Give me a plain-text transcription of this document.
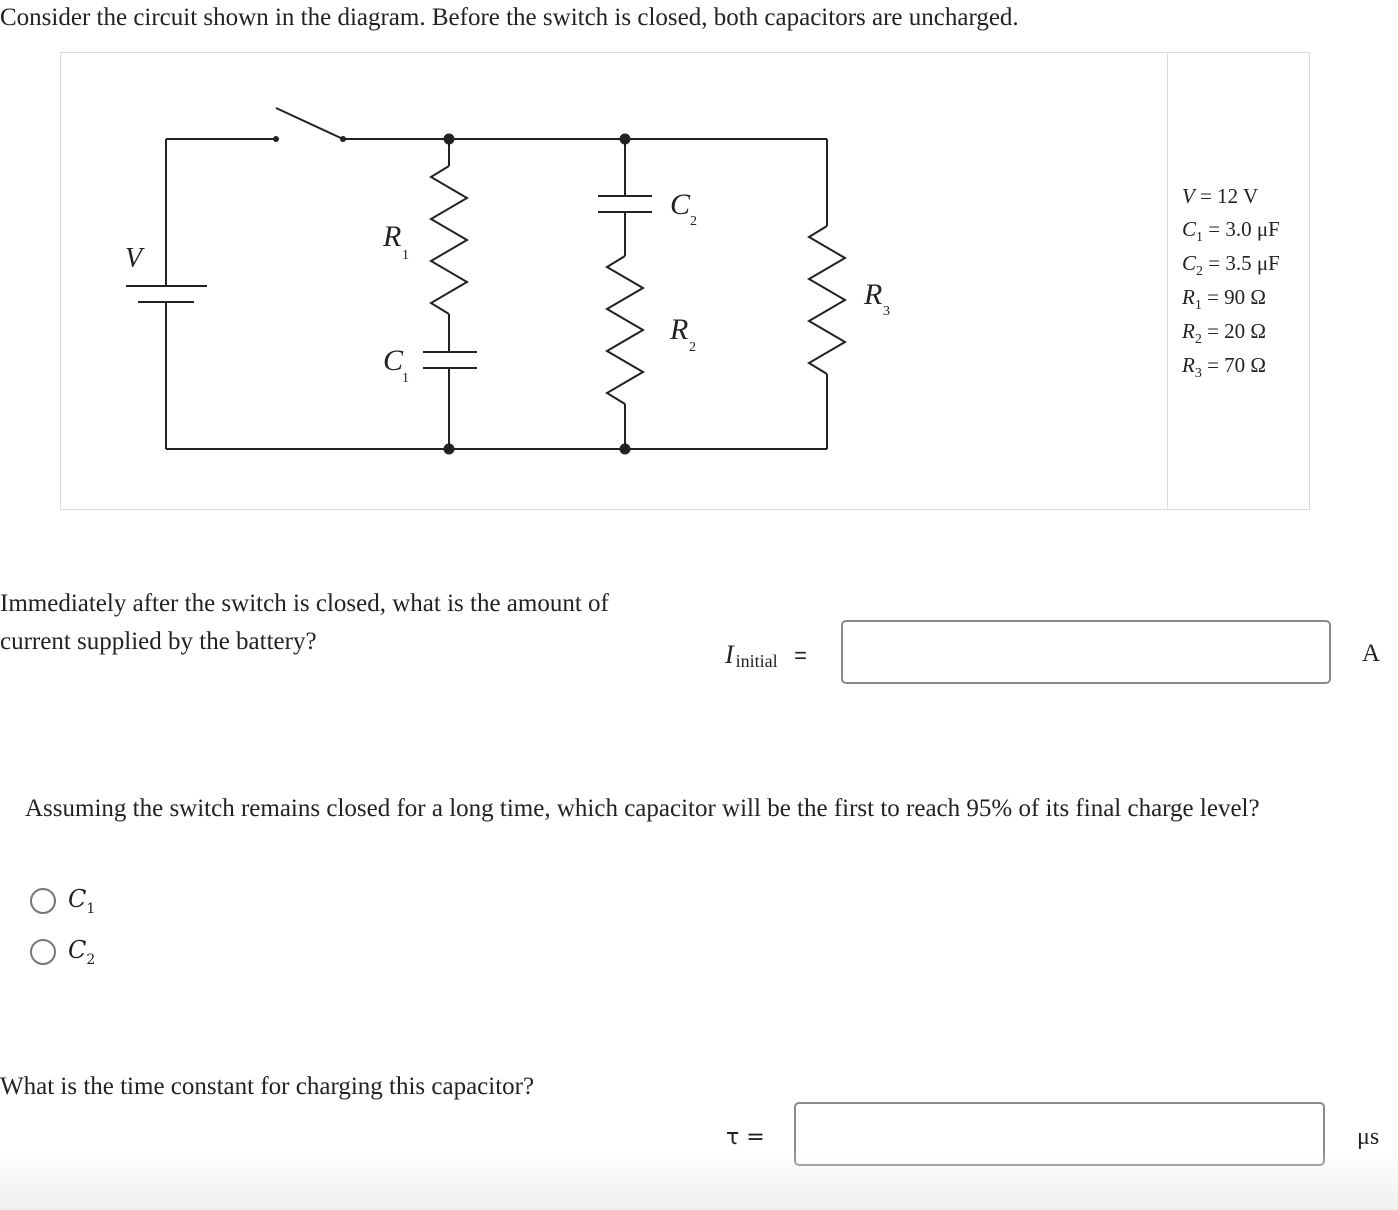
Consider the circuit shown in the diagram. Before the switch is closed, both capacitors are uncharged.
V
R
1
C
1
C
2
R
2
R
3
V = 12 V
$C_1 = 3.0$ μF
$C_2 = 3.5$ μF
$R_1 = 90$ Ω
$R_2 = 20$ Ω
$R_3 = 70$ Ω
Immediately after the switch is closed, what is the amount of current supplied by the battery?	I initial =	A
Assuming the switch remains closed for a long time, which capacitor will be the first to reach 95% of its final charge level?
$C_1$
$C_2$
What is the time constant for charging this capacitor?
τ =	μs
